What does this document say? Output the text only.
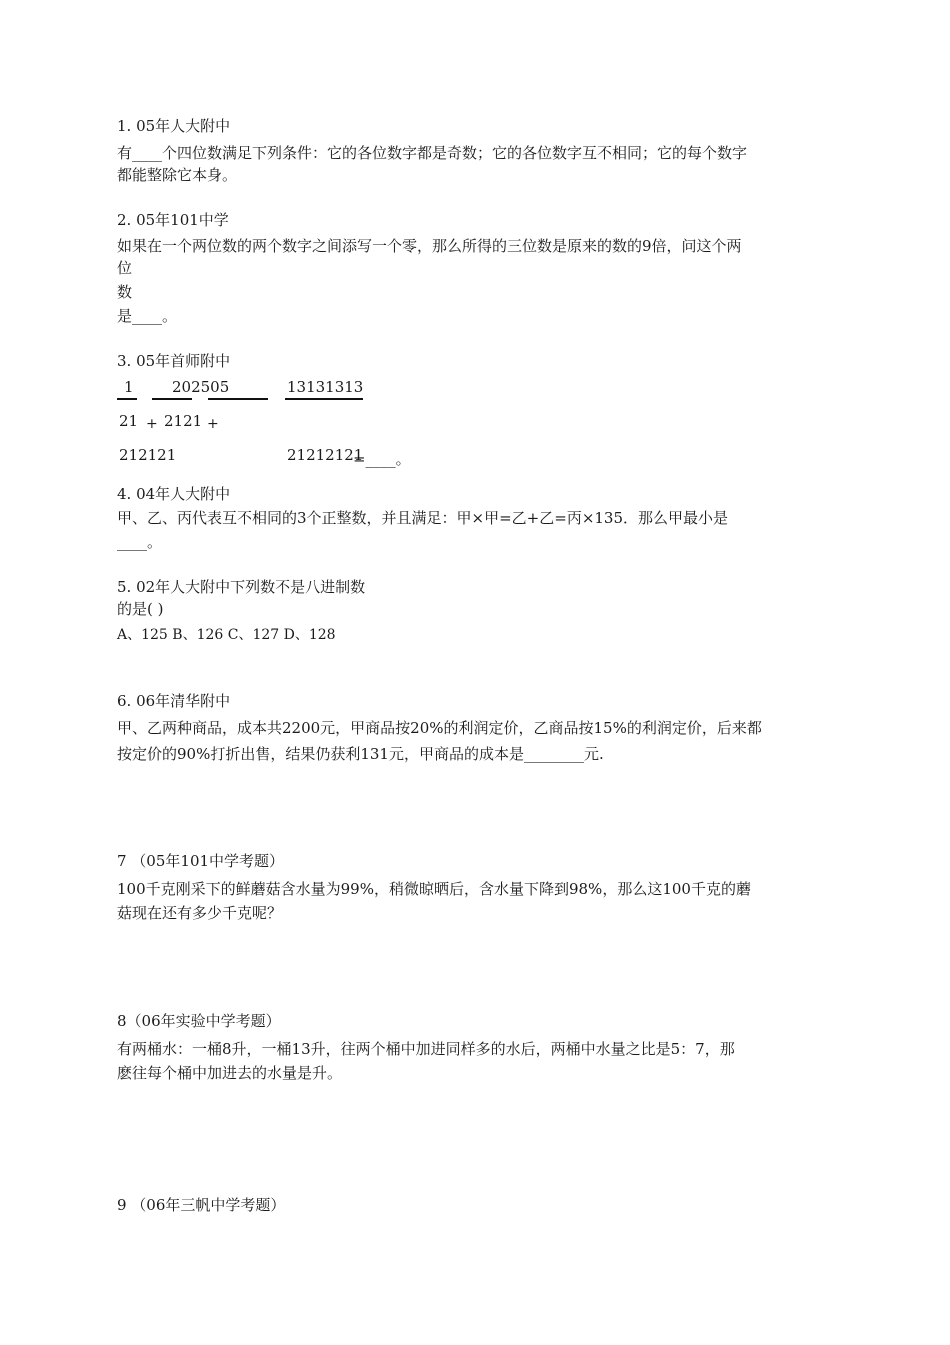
1. 05年人大附中
有____个四位数满足下列条件：它的各位数字都是奇数；它的各位数字互不相同；它的每个数字
都能整除它本身。
2. 05年101中学
如果在一个两位数的两个数字之间添写一个零，那么所得的三位数是原来的数的9倍，问这个两
位
数
是____。
3. 05年首师附中
1	202505	13131313
21 + 2121 +
212121	21212121
=____。
4. 04年人大附中
甲、乙、丙代表互不相同的3个正整数，并且满足：甲×甲=乙+乙=丙×135．那么甲最小是
____。
5. 02年人大附中下列数不是八进制数
的是( )
A、125 B、126 C、127 D、128
6. 06年清华附中
甲、乙两种商品，成本共2200元，甲商品按20%的利润定价，乙商品按15%的利润定价，后来都
按定价的90%打折出售，结果仍获利131元，甲商品的成本是________元.
7 （05年101中学考题）
100千克刚采下的鲜蘑菇含水量为99%，稍微晾晒后，含水量下降到98%，那么这100千克的蘑
菇现在还有多少千克呢？
8（06年实验中学考题）
有两桶水：一桶8升，一桶13升，往两个桶中加进同样多的水后，两桶中水量之比是5：7，那
麽往每个桶中加进去的水量是升。
9 （06年三帆中学考题）
